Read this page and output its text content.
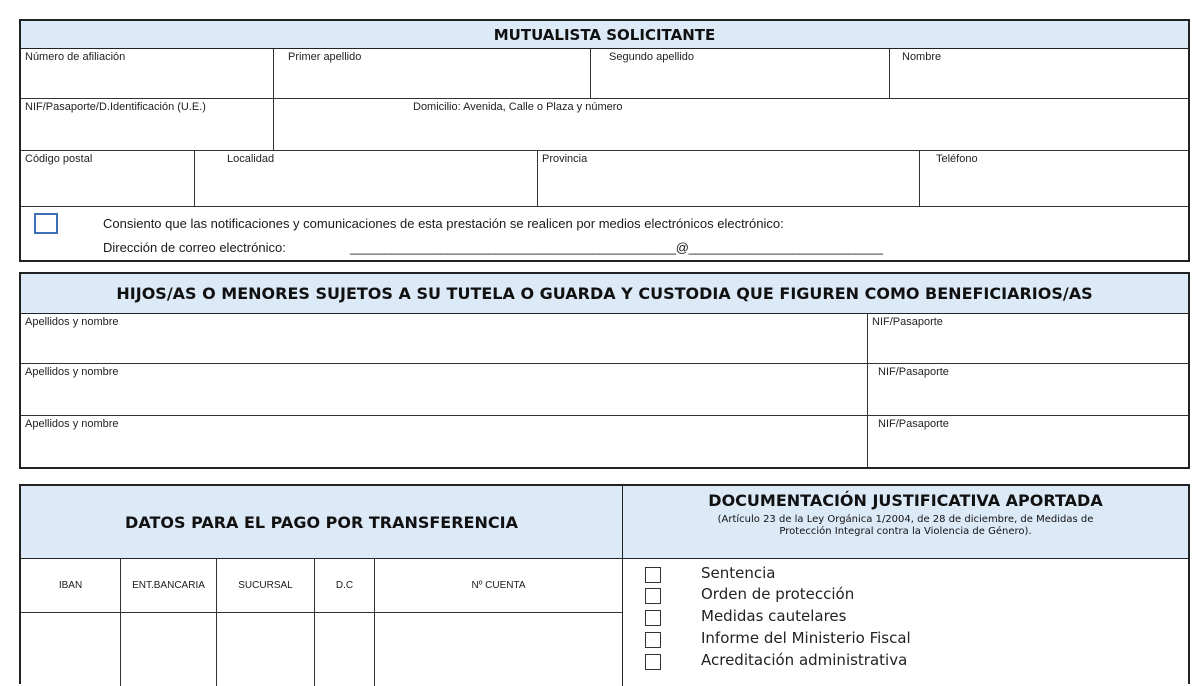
MUTUALISTA SOLICITANTE
Número de afiliación	Primer apellido	Segundo apellido	Nombre
NIF/Pasaporte/D.Identificación (U.E.)	Domicilio: Avenida, Calle o Plaza y número
Código postal	Localidad	Provincia	Teléfono
Consiento que las notificaciones y comunicaciones de esta prestación se realicen por medios electrónicos electrónico:
Dirección de correo electrónico:	_______________________________________________@____________________________
HIJOS/AS O MENORES SUJETOS A SU TUTELA O GUARDA Y CUSTODIA QUE FIGUREN COMO BENEFICIARIOS/AS
Apellidos y nombre	NIF/Pasaporte
Apellidos y nombre	NIF/Pasaporte
Apellidos y nombre	NIF/Pasaporte
DATOS PARA EL PAGO POR TRANSFERENCIA
DOCUMENTACIÓN JUSTIFICATIVA APORTADA
(Artículo 23 de la Ley Orgánica 1/2004, de 28 de diciembre, de Medidas de
Protección Integral contra la Violencia de Género).
IBAN	ENT.BANCARIA	SUCURSAL	D.C	Nº CUENTA
Sentencia
Orden de protección
Medidas cautelares
Informe del Ministerio Fiscal
Acreditación administrativa
